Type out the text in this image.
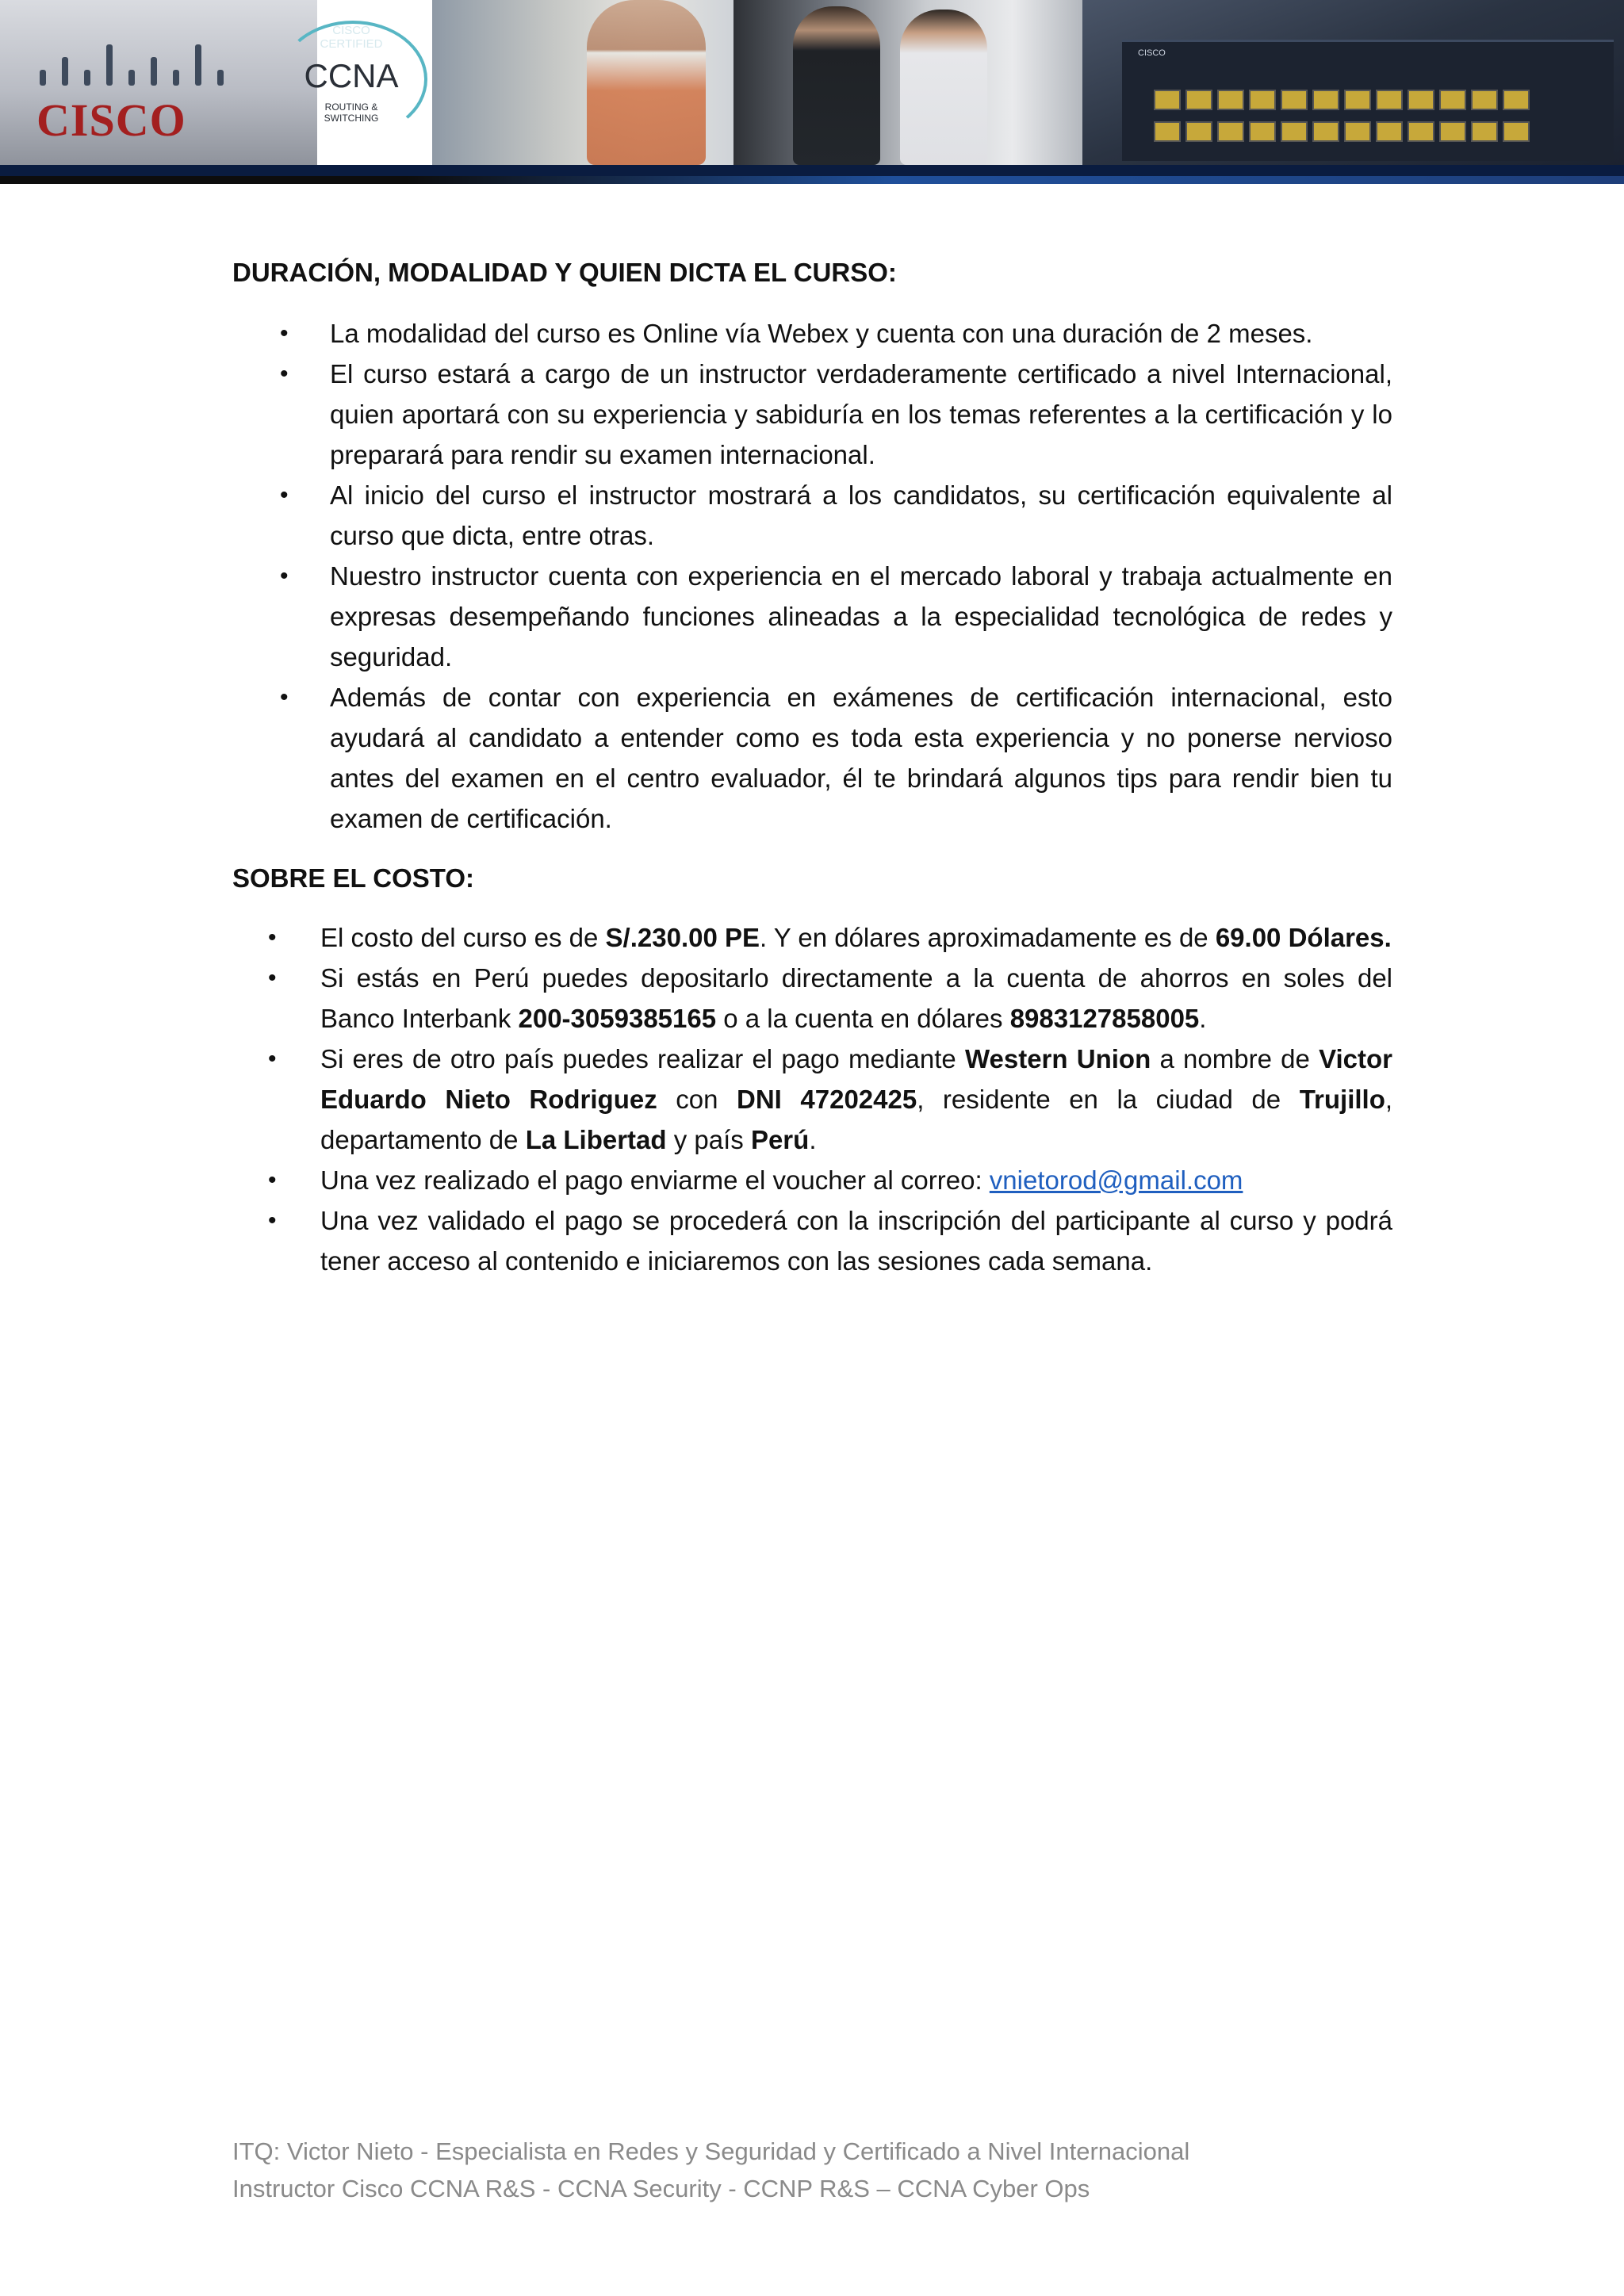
CISCO
CISCO
CERTIFIED
CCNA
ROUTING &
SWITCHING
CISCO

DURACIÓN, MODALIDAD Y QUIEN DICTA EL CURSO:

• La modalidad del curso es Online vía Webex y cuenta con una duración de 2 meses.
• El curso estará a cargo de un instructor verdaderamente certificado a nivel Internacional, quien aportará con su experiencia y sabiduría en los temas referentes a la certificación y lo preparará para rendir su examen internacional.
• Al inicio del curso el instructor mostrará a los candidatos, su certificación equivalente al curso que dicta, entre otras.
• Nuestro instructor cuenta con experiencia en el mercado laboral y trabaja actualmente en expresas desempeñando funciones alineadas a la especialidad tecnológica de redes y seguridad.
• Además de contar con experiencia en exámenes de certificación internacional, esto ayudará al candidato a entender como es toda esta experiencia y no ponerse nervioso antes del examen en el centro evaluador, él te brindará algunos tips para rendir bien tu examen de certificación.

SOBRE EL COSTO:

• El costo del curso es de S/.230.00 PE. Y en dólares aproximadamente es de 69.00 Dólares.
• Si estás en Perú puedes depositarlo directamente a la cuenta de ahorros en soles del Banco Interbank 200-3059385165 o a la cuenta en dólares 8983127858005.
• Si eres de otro país puedes realizar el pago mediante Western Union a nombre de Victor Eduardo Nieto Rodriguez con DNI 47202425, residente en la ciudad de Trujillo, departamento de La Libertad y país Perú.
• Una vez realizado el pago enviarme el voucher al correo: vnietorod@gmail.com
• Una vez validado el pago se procederá con la inscripción del participante al curso y podrá tener acceso al contenido e iniciaremos con las sesiones cada semana.
ITQ: Victor Nieto - Especialista en Redes y Seguridad y Certificado a Nivel Internacional
Instructor Cisco CCNA R&S - CCNA Security - CCNP R&S – CCNA Cyber Ops
